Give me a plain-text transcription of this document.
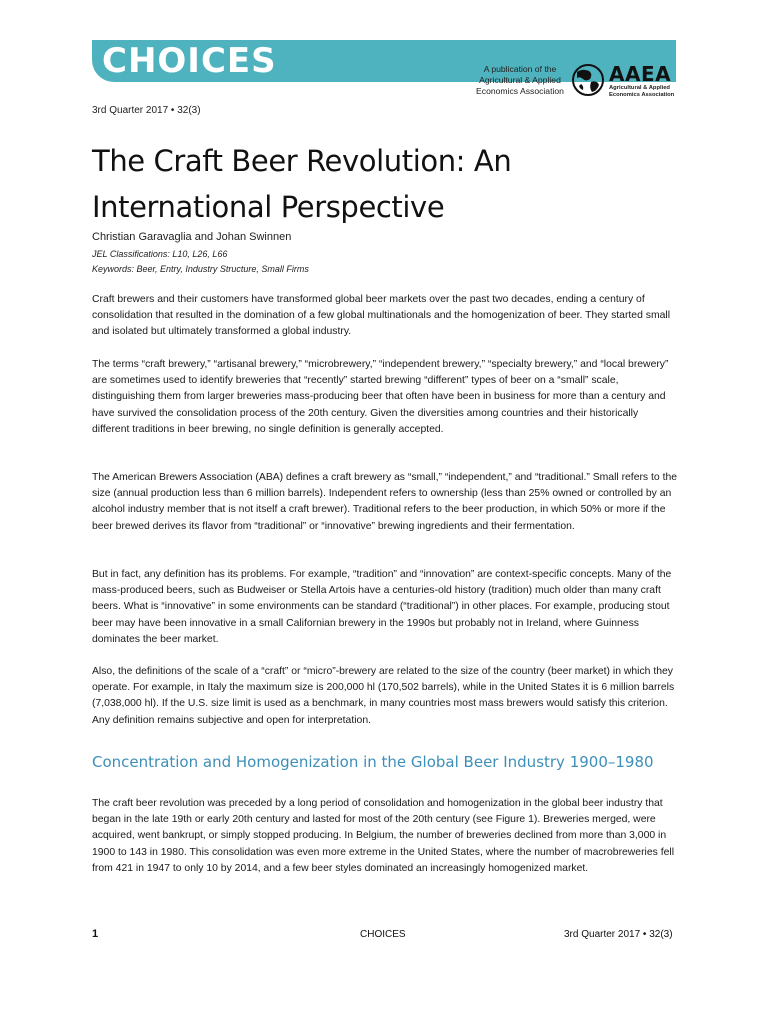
CHOICES	A publication of the Agricultural & Applied Economics Association
AAEA
Agricultural & Applied Economics Association
3rd Quarter 2017 • 32(3)
The Craft Beer Revolution: An International Perspective
Christian Garavaglia and Johan Swinnen
JEL Classifications: L10, L26, L66
Keywords: Beer, Entry, Industry Structure, Small Firms

Craft brewers and their customers have transformed global beer markets over the past two decades, ending a century of consolidation that resulted in the domination of a few global multinationals and the homogenization of beer. They started small and isolated but ultimately transformed a global industry.

The terms “craft brewery,” “artisanal brewery,” “microbrewery,” “independent brewery,” “specialty brewery,” and “local brewery” are sometimes used to identify breweries that “recently” started brewing “different” types of beer on a “small” scale, distinguishing them from larger breweries mass-producing beer that often have been in business for more than a century and have survived the consolidation process of the 20th century. Given the diversities among countries and their historically different traditions in beer brewing, no single definition is generally accepted.

The American Brewers Association (ABA) defines a craft brewery as “small,” “independent,” and “traditional.” Small refers to the size (annual production less than 6 million barrels). Independent refers to ownership (less than 25% owned or controlled by an alcohol industry member that is not itself a craft brewer). Traditional refers to the beer production, in which 50% or more if the beer brewed derives its flavor from “traditional” or “innovative” brewing ingredients and their fermentation.

But in fact, any definition has its problems. For example, “tradition” and “innovation” are context-specific concepts. Many of the mass-produced beers, such as Budweiser or Stella Artois have a centuries-old history (tradition) much older than many craft beers. What is “innovative” in some environments can be standard (“traditional”) in other places. For example, producing stout beer may have been innovative in a small Californian brewery in the 1990s but probably not in Ireland, where Guinness dominates the beer market.

Also, the definitions of the scale of a “craft” or “micro”-brewery are related to the size of the country (beer market) in which they operate. For example, in Italy the maximum size is 200,000 hl (170,502 barrels), while in the United States it is 6 million barrels (7,038,000 hl). If the U.S. size limit is used as a benchmark, in many countries most mass brewers would satisfy this criterion. Any definition remains subjective and open for interpretation.

Concentration and Homogenization in the Global Beer Industry 1900–1980

The craft beer revolution was preceded by a long period of consolidation and homogenization in the global beer industry that began in the late 19th or early 20th century and lasted for most of the 20th century (see Figure 1). Breweries merged, were acquired, went bankrupt, or simply stopped producing. In Belgium, the number of breweries declined from more than 3,000 in 1900 to 143 in 1980. This consolidation was even more extreme in the United States, where the number of macrobreweries fell from 421 in 1947 to only 10 by 2014, and a few beer styles dominated an increasingly homogenized market.

1	CHOICES	3rd Quarter 2017 • 32(3)
